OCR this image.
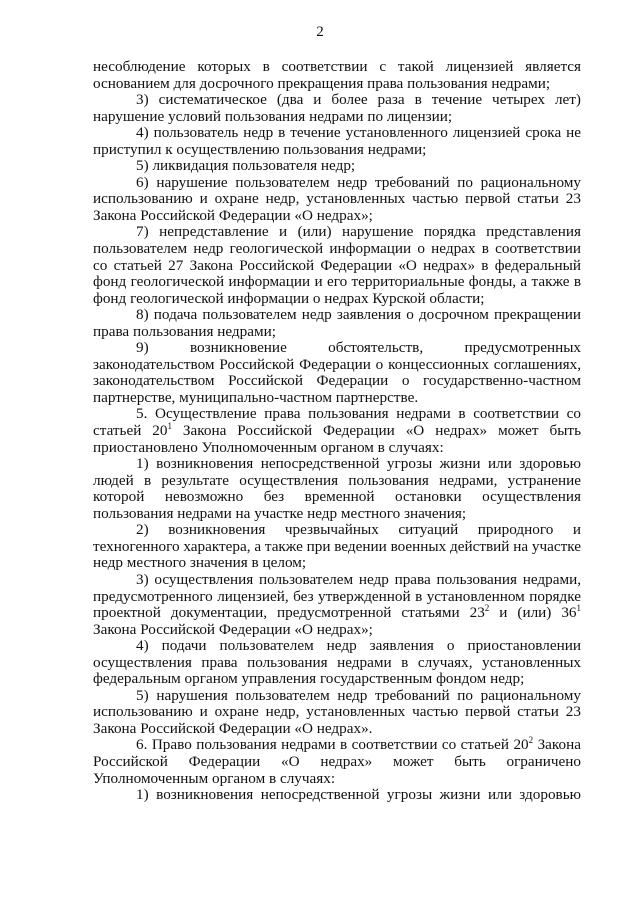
2

несоблюдение которых в соответствии с такой лицензией является основанием для досрочного прекращения права пользования недрами;

3) систематическое (два и более раза в течение четырех лет) нарушение условий пользования недрами по лицензии;

4) пользователь недр в течение установленного лицензией срока не приступил к осуществлению пользования недрами;

5) ликвидация пользователя недр;

6) нарушение пользователем недр требований по рациональному использованию и охране недр, установленных частью первой статьи 23 Закона Российской Федерации «О недрах»;

7) непредставление и (или) нарушение порядка представления пользователем недр геологической информации о недрах в соответствии со статьей 27 Закона Российской Федерации «О недрах» в федеральный фонд геологической информации и его территориальные фонды, а также в фонд геологической информации о недрах Курской области;

8) подача пользователем недр заявления о досрочном прекращении права пользования недрами;

9) возникновение обстоятельств, предусмотренных законодательством Российской Федерации о концессионных соглашениях, законодательством Российской Федерации о государственно-частном партнерстве, муниципально-частном партнерстве.

5. Осуществление права пользования недрами в соответствии со статьей $20^1$ Закона Российской Федерации «О недрах» может быть приостановлено Уполномоченным органом в случаях:

1) возникновения непосредственной угрозы жизни или здоровью людей в результате осуществления пользования недрами, устранение которой невозможно без временной остановки осуществления пользования недрами на участке недр местного значения;

2) возникновения чрезвычайных ситуаций природного и техногенного характера, а также при ведении военных действий на участке недр местного значения в целом;

3) осуществления пользователем недр права пользования недрами, предусмотренного лицензией, без утвержденной в установленном порядке проектной документации, предусмотренной статьями $23^2$ и (или) $36^1$ Закона Российской Федерации «О недрах»;

4) подачи пользователем недр заявления о приостановлении осуществления права пользования недрами в случаях, установленных федеральным органом управления государственным фондом недр;

5) нарушения пользователем недр требований по рациональному использованию и охране недр, установленных частью первой статьи 23 Закона Российской Федерации «О недрах».

6. Право пользования недрами в соответствии со статьей $20^2$ Закона Российской Федерации «О недрах» может быть ограничено Уполномоченным органом в случаях:

1) возникновения непосредственной угрозы жизни или здоровью
